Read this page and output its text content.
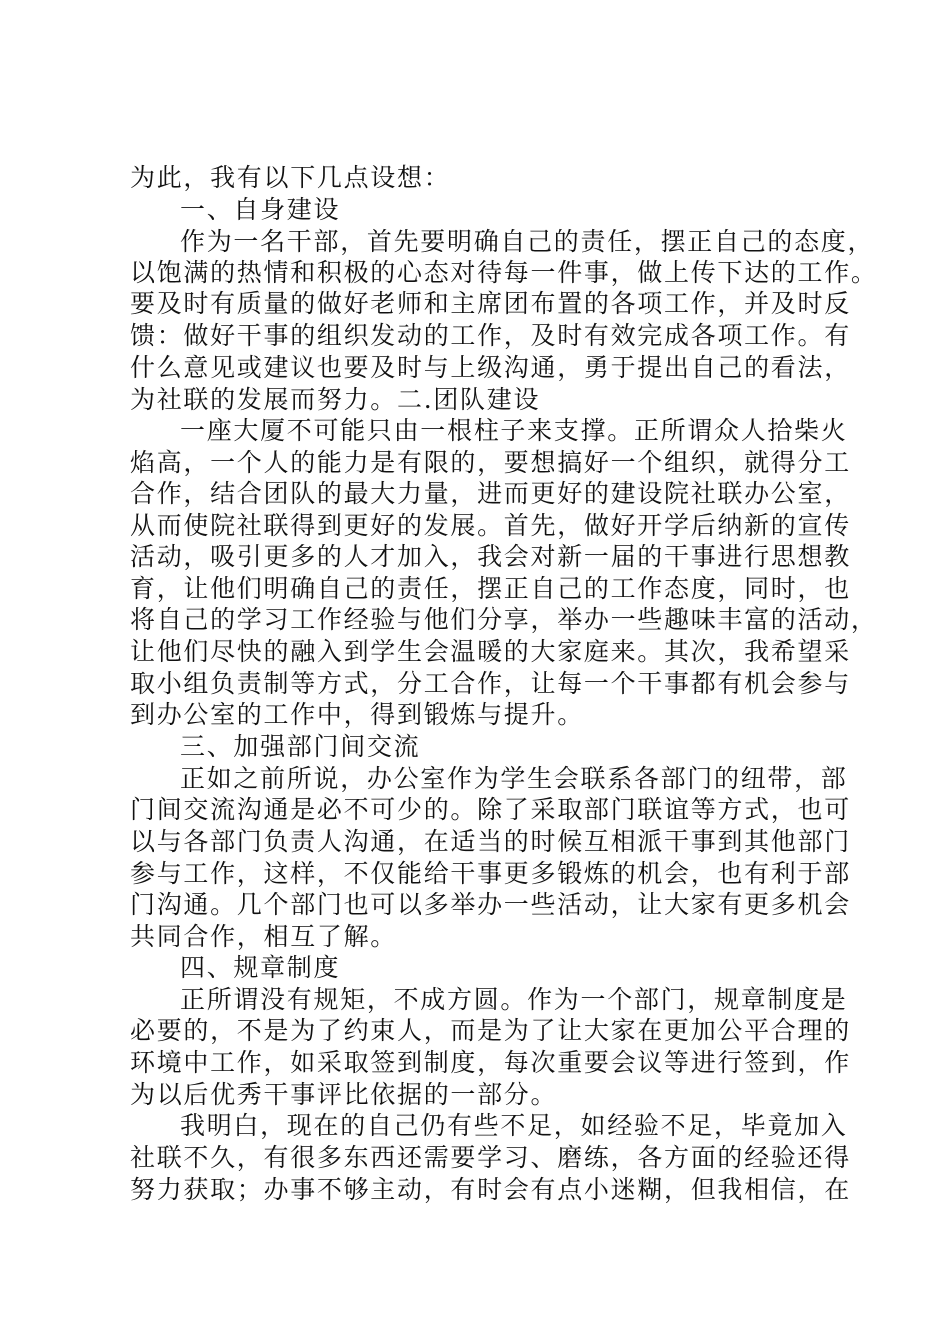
为此，我有以下几点设想：
一、自身建设
作为一名干部，首先要明确自己的责任，摆正自己的态度，
以饱满的热情和积极的心态对待每一件事，做上传下达的工作。
要及时有质量的做好老师和主席团布置的各项工作，并及时反
馈：做好干事的组织发动的工作，及时有效完成各项工作。有
什么意见或建议也要及时与上级沟通，勇于提出自己的看法，
为社联的发展而努力。二.团队建设
一座大厦不可能只由一根柱子来支撑。正所谓众人拾柴火
焰高，一个人的能力是有限的，要想搞好一个组织，就得分工
合作，结合团队的最大力量，进而更好的建设院社联办公室，
从而使院社联得到更好的发展。首先，做好开学后纳新的宣传
活动，吸引更多的人才加入，我会对新一届的干事进行思想教
育，让他们明确自己的责任，摆正自己的工作态度，同时，也
将自己的学习工作经验与他们分享，举办一些趣味丰富的活动，
让他们尽快的融入到学生会温暖的大家庭来。其次，我希望采
取小组负责制等方式，分工合作，让每一个干事都有机会参与
到办公室的工作中，得到锻炼与提升。
三、加强部门间交流
正如之前所说，办公室作为学生会联系各部门的纽带，部
门间交流沟通是必不可少的。除了采取部门联谊等方式，也可
以与各部门负责人沟通，在适当的时候互相派干事到其他部门
参与工作，这样，不仅能给干事更多锻炼的机会，也有利于部
门沟通。几个部门也可以多举办一些活动，让大家有更多机会
共同合作，相互了解。
四、规章制度
正所谓没有规矩，不成方圆。作为一个部门，规章制度是
必要的，不是为了约束人，而是为了让大家在更加公平合理的
环境中工作，如采取签到制度，每次重要会议等进行签到，作
为以后优秀干事评比依据的一部分。
我明白，现在的自己仍有些不足，如经验不足，毕竟加入
社联不久，有很多东西还需要学习、磨练，各方面的经验还得
努力获取；办事不够主动，有时会有点小迷糊，但我相信，在
